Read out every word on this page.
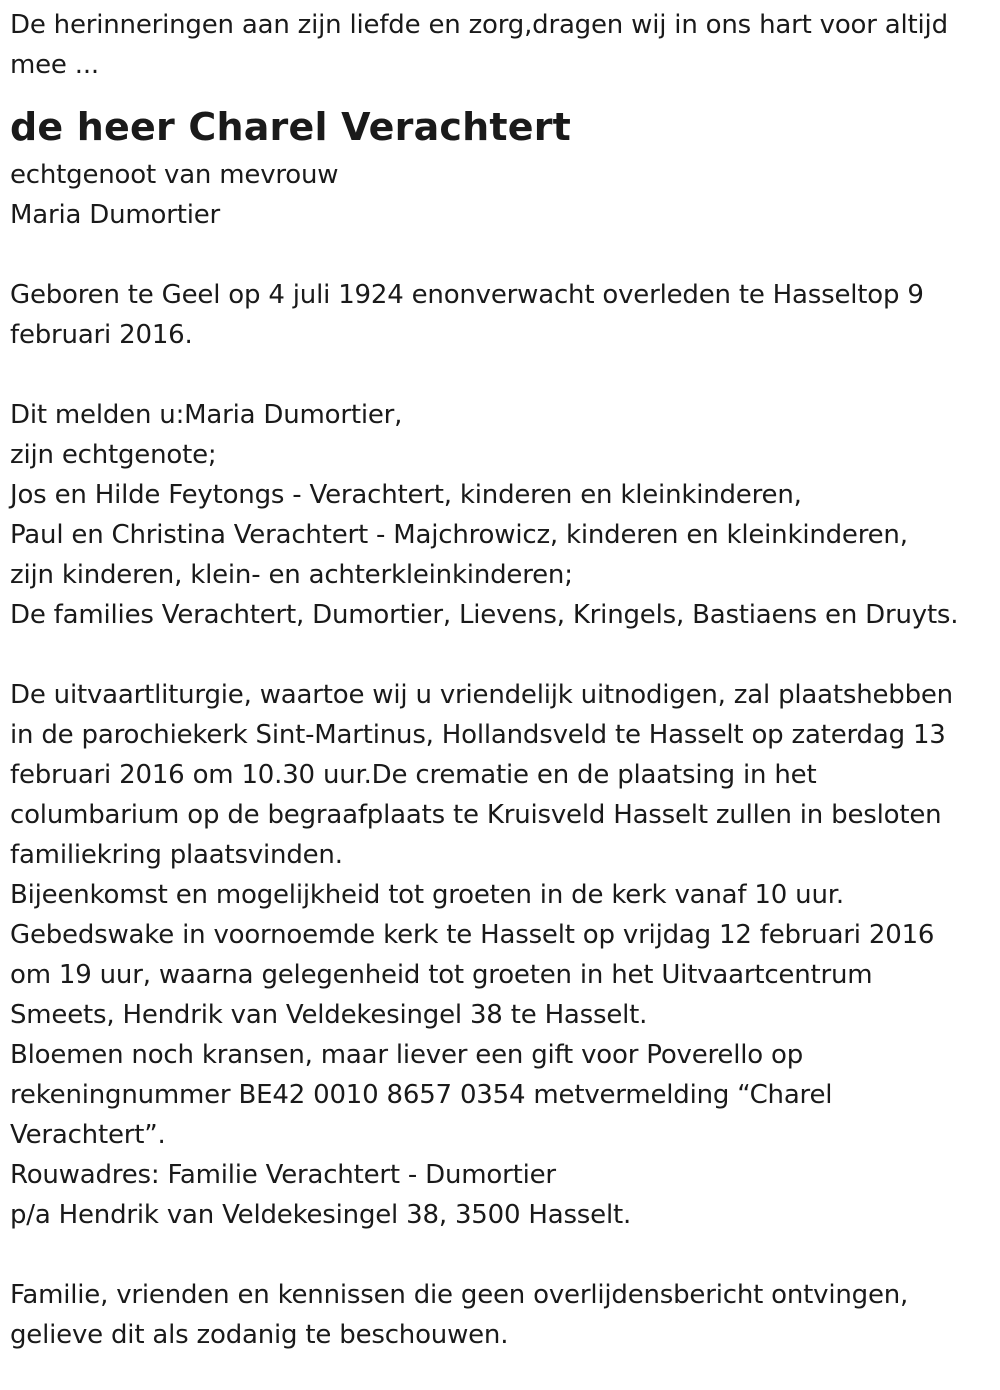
De herinneringen aan zijn liefde en zorg,dragen wij in ons hart voor altijd
mee ...
de heer Charel Verachtert
echtgenoot van mevrouw
Maria Dumortier
Geboren te Geel op 4 juli 1924 enonverwacht overleden te Hasseltop 9
februari 2016.
Dit melden u:Maria Dumortier,
zijn echtgenote;
Jos en Hilde Feytongs - Verachtert, kinderen en kleinkinderen,
Paul en Christina Verachtert - Majchrowicz, kinderen en kleinkinderen,
zijn kinderen, klein- en achterkleinkinderen;
De families Verachtert, Dumortier, Lievens, Kringels, Bastiaens en Druyts.
De uitvaartliturgie, waartoe wij u vriendelijk uitnodigen, zal plaatshebben
in de parochiekerk Sint-Martinus, Hollandsveld te Hasselt op zaterdag 13
februari 2016 om 10.30 uur.De crematie en de plaatsing in het
columbarium op de begraafplaats te Kruisveld Hasselt zullen in besloten
familiekring plaatsvinden.
Bijeenkomst en mogelijkheid tot groeten in de kerk vanaf 10 uur.
Gebedswake in voornoemde kerk te Hasselt op vrijdag 12 februari 2016
om 19 uur, waarna gelegenheid tot groeten in het Uitvaartcentrum
Smeets, Hendrik van Veldekesingel 38 te Hasselt.
Bloemen noch kransen, maar liever een gift voor Poverello op
rekeningnummer BE42 0010 8657 0354 metvermelding “Charel
Verachtert”.
Rouwadres: Familie Verachtert - Dumortier
p/a Hendrik van Veldekesingel 38, 3500 Hasselt.
Familie, vrienden en kennissen die geen overlijdensbericht ontvingen,
gelieve dit als zodanig te beschouwen.
